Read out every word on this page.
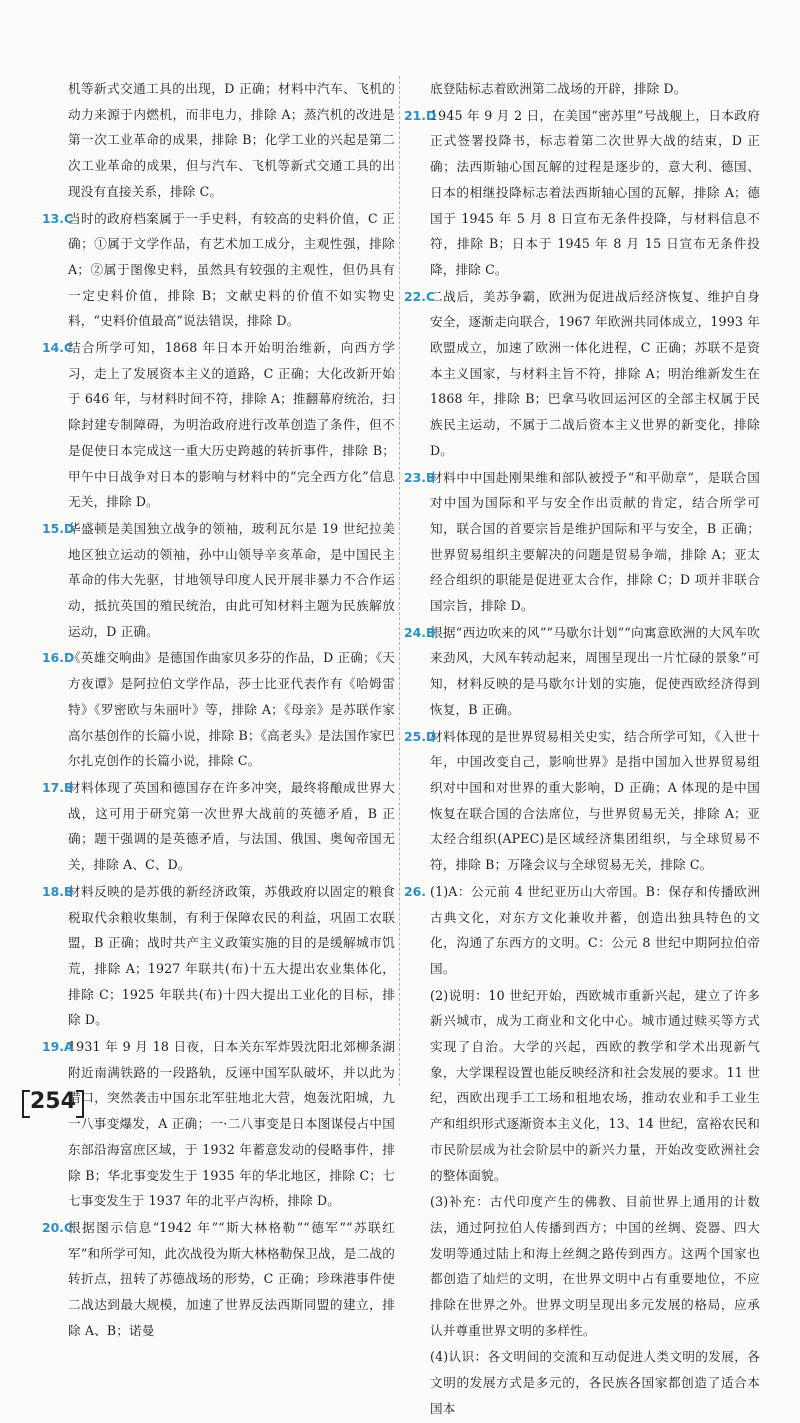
机等新式交通工具的出现，D 正确；材料中汽车、飞机的动力来源于内燃机，而非电力，排除 A；蒸汽机的改进是第一次工业革命的成果，排除 B；化学工业的兴起是第二次工业革命的成果，但与汽车、飞机等新式交通工具的出现没有直接关系，排除 C。

13.C
当时的政府档案属于一手史料，有较高的史料价值，C 正确；①属于文学作品，有艺术加工成分，主观性强，排除 A；②属于图像史料，虽然具有较强的主观性，但仍具有一定史料价值，排除 B；文献史料的价值不如实物史料，“史料价值最高”说法错误，排除 D。

14.C
结合所学可知，1868 年日本开始明治维新，向西方学习，走上了发展资本主义的道路，C 正确；大化改新开始于 646 年，与材料时间不符，排除 A；推翻幕府统治，扫除封建专制障碍，为明治政府进行改革创造了条件，但不是促使日本完成这一重大历史跨越的转折事件，排除 B；甲午中日战争对日本的影响与材料中的“完全西方化”信息无关，排除 D。

15.D
华盛顿是美国独立战争的领袖，玻利瓦尔是 19 世纪拉美地区独立运动的领袖，孙中山领导辛亥革命，是中国民主革命的伟大先驱，甘地领导印度人民开展非暴力不合作运动，抵抗英国的殖民统治，由此可知材料主题为民族解放运动，D 正确。

16.D
《英雄交响曲》是德国作曲家贝多芬的作品，D 正确；《天方夜谭》是阿拉伯文学作品，莎士比亚代表作有《哈姆雷特》《罗密欧与朱丽叶》等，排除 A；《母亲》是苏联作家高尔基创作的长篇小说，排除 B；《高老头》是法国作家巴尔扎克创作的长篇小说，排除 C。

17.B
材料体现了英国和德国存在许多冲突，最终将酿成世界大战，这可用于研究第一次世界大战前的英德矛盾，B 正确；题干强调的是英德矛盾，与法国、俄国、奥匈帝国无关，排除 A、C、D。

18.B
材料反映的是苏俄的新经济政策，苏俄政府以固定的粮食税取代余粮收集制，有利于保障农民的利益，巩固工农联盟，B 正确；战时共产主义政策实施的目的是缓解城市饥荒，排除 A；1927 年联共(布)十五大提出农业集体化，排除 C；1925 年联共(布)十四大提出工业化的目标，排除 D。

19.A
1931 年 9 月 18 日夜，日本关东军炸毁沈阳北郊柳条湖附近南满铁路的一段路轨，反诬中国军队破坏，并以此为借口，突然袭击中国东北军驻地北大营，炮轰沈阳城，九一八事变爆发，A 正确；一·二八事变是日本图谋侵占中国东部沿海富庶区域，于 1932 年蓄意发动的侵略事件，排除 B；华北事变发生于 1935 年的华北地区，排除 C；七七事变发生于 1937 年的北平卢沟桥，排除 D。

20.C
根据图示信息“1942 年”“斯大林格勒”“德军”“苏联红军”和所学可知，此次战役为斯大林格勒保卫战，是二战的转折点，扭转了苏德战场的形势，C 正确；珍珠港事件使二战达到最大规模，加速了世界反法西斯同盟的建立，排除 A、B；诺曼

底登陆标志着欧洲第二战场的开辟，排除 D。

21.D
1945 年 9 月 2 日，在美国“密苏里”号战舰上，日本政府正式签署投降书，标志着第二次世界大战的结束，D 正确；法西斯轴心国瓦解的过程是逐步的，意大利、德国、日本的相继投降标志着法西斯轴心国的瓦解，排除 A；德国于 1945 年 5 月 8 日宣布无条件投降，与材料信息不符，排除 B；日本于 1945 年 8 月 15 日宣布无条件投降，排除 C。

22.C
二战后，美苏争霸，欧洲为促进战后经济恢复、维护自身安全，逐渐走向联合，1967 年欧洲共同体成立，1993 年欧盟成立，加速了欧洲一体化进程，C 正确；苏联不是资本主义国家，与材料主旨不符，排除 A；明治维新发生在 1868 年，排除 B；巴拿马收回运河区的全部主权属于民族民主运动，不属于二战后资本主义世界的新变化，排除 D。

23.B
材料中中国赴刚果维和部队被授予“和平勋章”，是联合国对中国为国际和平与安全作出贡献的肯定，结合所学可知，联合国的首要宗旨是维护国际和平与安全，B 正确；世界贸易组织主要解决的问题是贸易争端，排除 A；亚太经合组织的职能是促进亚太合作，排除 C；D 项并非联合国宗旨，排除 D。

24.B
根据“西边吹来的风”“马歇尔计划”“向寓意欧洲的大风车吹来劲风，大风车转动起来，周围呈现出一片忙碌的景象”可知，材料反映的是马歇尔计划的实施，促使西欧经济得到恢复，B 正确。

25.D
材料体现的是世界贸易相关史实，结合所学可知，《入世十年，中国改变自己，影响世界》是指中国加入世界贸易组织对中国和对世界的重大影响，D 正确；A 体现的是中国恢复在联合国的合法席位，与世界贸易无关，排除 A；亚太经合组织(APEC)是区域经济集团组织，与全球贸易不符，排除 B；万隆会议与全球贸易无关，排除 C。

26. (1)A：公元前 4 世纪亚历山大帝国。B：保存和传播欧洲古典文化，对东方文化兼收并蓄，创造出独具特色的文化，沟通了东西方的文明。C：公元 8 世纪中期阿拉伯帝国。

(2)说明：10 世纪开始，西欧城市重新兴起，建立了许多新兴城市，成为工商业和文化中心。城市通过赎买等方式实现了自治。大学的兴起，西欧的教学和学术出现新气象，大学课程设置也能反映经济和社会发展的要求。11 世纪，西欧出现手工工场和租地农场，推动农业和手工业生产和组织形式逐渐资本主义化，13、14 世纪，富裕农民和市民阶层成为社会阶层中的新兴力量，开始改变欧洲社会的整体面貌。

(3)补充：古代印度产生的佛教、目前世界上通用的计数法，通过阿拉伯人传播到西方；中国的丝绸、瓷器、四大发明等通过陆上和海上丝绸之路传到西方。这两个国家也都创造了灿烂的文明，在世界文明中占有重要地位，不应排除在世界之外。世界文明呈现出多元发展的格局，应承认并尊重世界文明的多样性。

(4)认识：各文明间的交流和互动促进人类文明的发展，各文明的发展方式是多元的，各民族各国家都创造了适合本国本

254
